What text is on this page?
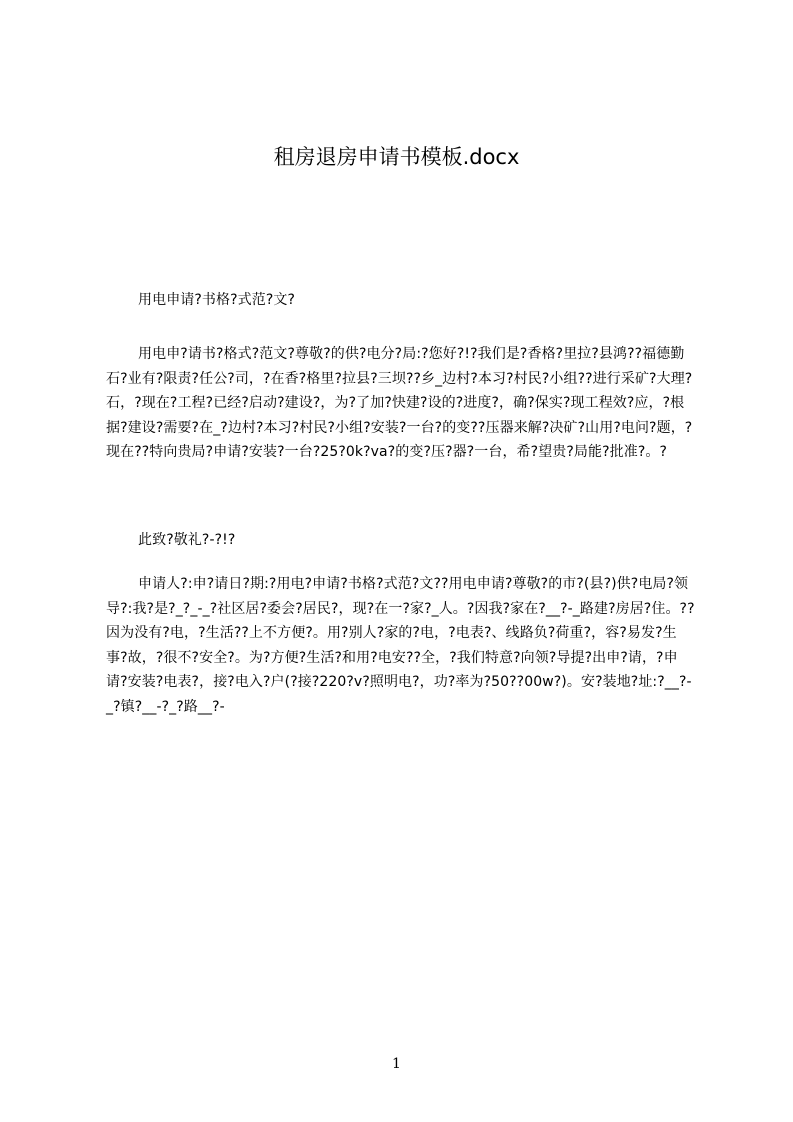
租房退房申请书模板.docx
用电申请?书格?式范?文?
用电申?请书?格式?范文?尊敬?的供?电分?局:?您好?!?我们是?香格?里拉?县鸿??福德勤石?业有?限责?任公?司，?在香?格里?拉县?三坝??乡_边村?本习?村民?小组??进行采矿?大理?石，?现在?工程?已经?启动?建设?，为?了加?快建?设的?进度?，确?保实?现工程效?应，?根据?建设?需要?在_?边村?本习?村民?小组?安装?一台?的变??压器来解?决矿?山用?电问?题，?现在??特向贵局?申请?安装?一台?25?0k?va?的变?压?器?一台，希?望贵?局能?批准?。?
此致?敬礼?-?!?
申请人?:申?请日?期:?用电?申请?书格?式范?文??用电申请?尊敬?的市?(县?)供?电局?领导?:我?是?_?_-_?社区居?委会?居民?，现?在一?家?_人。?因我?家在?__?-_路建?房居?住。??因为没有?电，?生活??上不方便?。用?别人?家的?电，?电表?、线路负?荷重?，容?易发?生事?故，?很不?安全?。为?方便?生活?和用?电安??全，?我们特意?向领?导提?出申?请，?申请?安装?电表?，接?电入?户(?接?220?v?照明电?，功?率为?50??00w?)。安?装地?址:?__?-_?镇?__-?_?路__?-
1
